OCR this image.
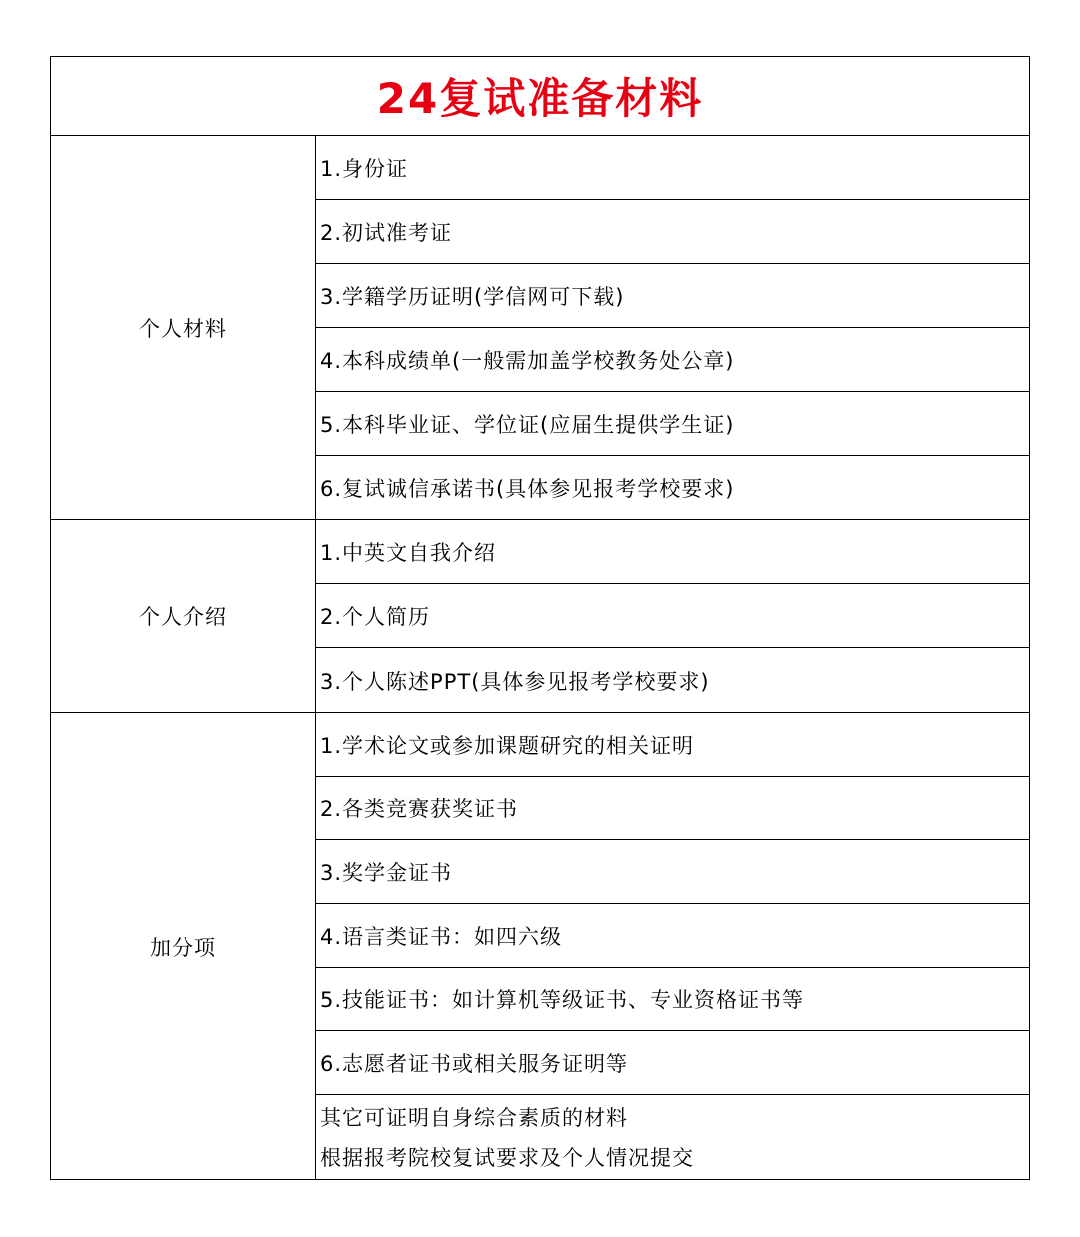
24复试准备材料
个人材料
1.身份证
2.初试准考证
3.学籍学历证明(学信网可下载)
4.本科成绩单(一般需加盖学校教务处公章)
5.本科毕业证、学位证(应届生提供学生证)
6.复试诚信承诺书(具体参见报考学校要求)
个人介绍
1.中英文自我介绍
2.个人简历
3.个人陈述PPT(具体参见报考学校要求)
加分项
1.学术论文或参加课题研究的相关证明
2.各类竞赛获奖证书
3.奖学金证书
4.语言类证书：如四六级
5.技能证书：如计算机等级证书、专业资格证书等
6.志愿者证书或相关服务证明等
其它可证明自身综合素质的材料
根据报考院校复试要求及个人情况提交
